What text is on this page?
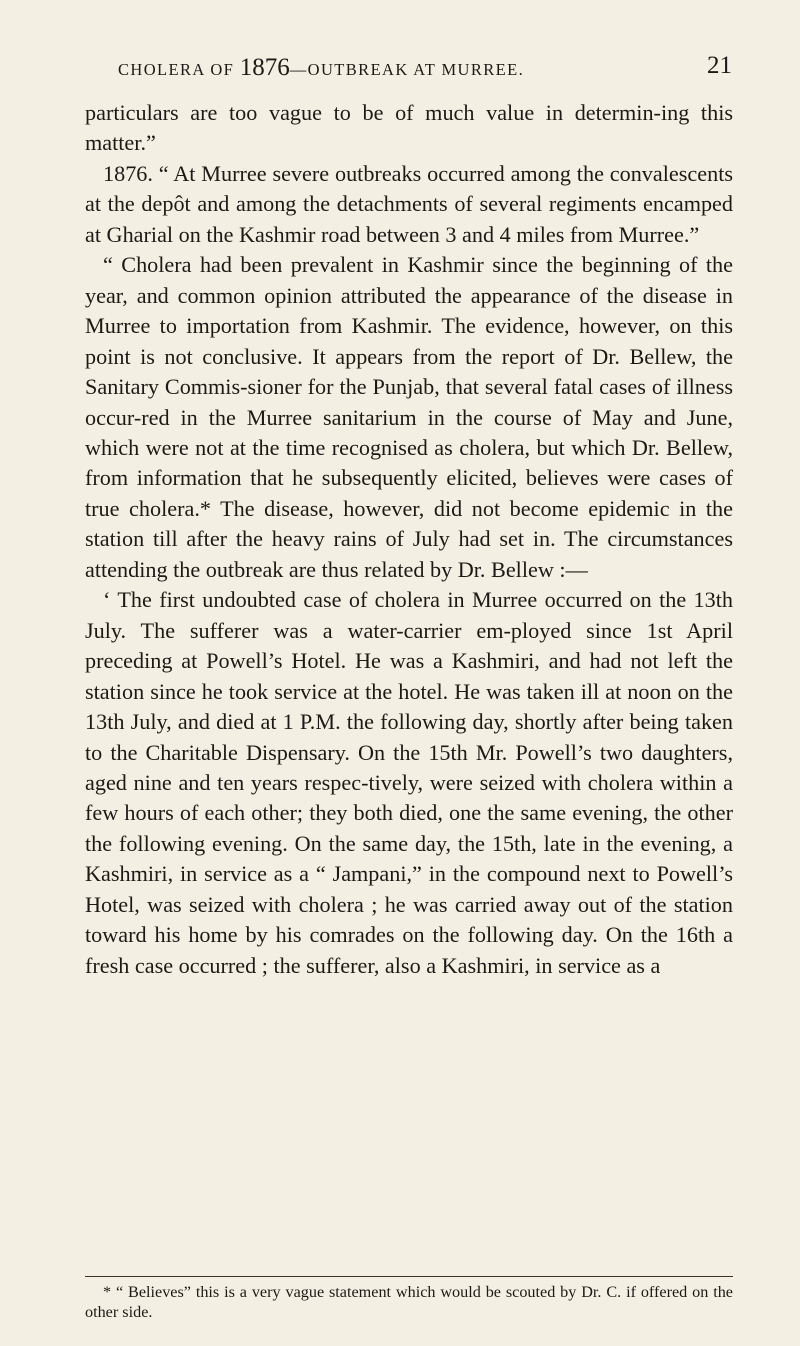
CHOLERA OF 1876—OUTBREAK AT MURREE.	21

particulars are too vague to be of much value in determin-ing this matter.”

1876. “ At Murree severe outbreaks occurred among the convalescents at the depôt and among the detachments of several regiments encamped at Gharial on the Kashmir road between 3 and 4 miles from Murree.”

“ Cholera had been prevalent in Kashmir since the beginning of the year, and common opinion attributed the appearance of the disease in Murree to importation from Kashmir. The evidence, however, on this point is not conclusive. It appears from the report of Dr. Bellew, the Sanitary Commis-sioner for the Punjab, that several fatal cases of illness occur-red in the Murree sanitarium in the course of May and June, which were not at the time recognised as cholera, but which Dr. Bellew, from information that he subsequently elicited, believes were cases of true cholera.* The disease, however, did not become epidemic in the station till after the heavy rains of July had set in. The circumstances attending the outbreak are thus related by Dr. Bellew :—

‘ The first undoubted case of cholera in Murree occurred on the 13th July. The sufferer was a water-carrier em-ployed since 1st April preceding at Powell’s Hotel. He was a Kashmiri, and had not left the station since he took service at the hotel. He was taken ill at noon on the 13th July, and died at 1 P.M. the following day, shortly after being taken to the Charitable Dispensary. On the 15th Mr. Powell’s two daughters, aged nine and ten years respec-tively, were seized with cholera within a few hours of each other; they both died, one the same evening, the other the following evening. On the same day, the 15th, late in the evening, a Kashmiri, in service as a “ Jampani,” in the compound next to Powell’s Hotel, was seized with cholera ; he was carried away out of the station toward his home by his comrades on the following day. On the 16th a fresh case occurred ; the sufferer, also a Kashmiri, in service as a

* “ Believes” this is a very vague statement which would be scouted by Dr. C. if offered on the other side.
